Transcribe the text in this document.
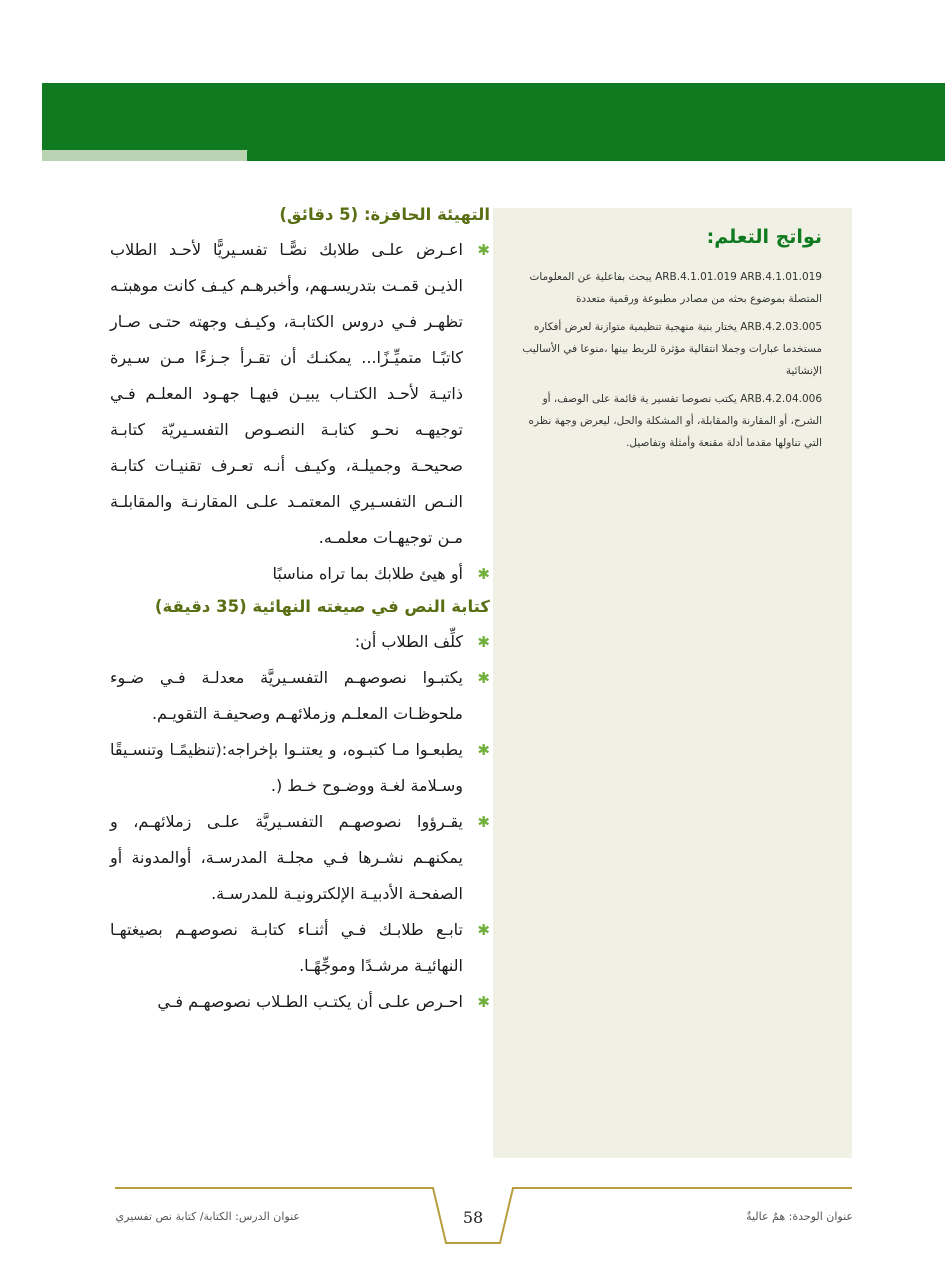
نواتج التعلم:

ARB.4.1.01.019 ARB.4.1.01.019 يبحث بفاعلية عن المعلومات المتصلة بموضوع بحثه من مصادر مطبوعة ورقمية متعددة

ARB.4.2.03.005 يختار بنية منهجية تنظيمية متوازنة لعرض أفكاره مستخدما عبارات وجملا انتقالية مؤثرة للربط بينها ،منوعا في الأساليب الإنشائية

ARB.4.2.04.006 يكتب نصوصا تفسير ية قائمة على الوصف، أو الشرح، أو المقارنة والمقابلة، أو المشكلة والحل، ليعرض وجهة نظره التي تناولها مقدما أدلة مقنعة وأمثلة وتفاصيل.

التهيئة الحافزة: (5 دقائق)
✱
اعـرض علـى طلابك نصًّـا تفسـيريًّا لأحـد الطلاب الذيـن قمـت بتدريسـهم، وأخبرهـم كيـف كانت موهبتـه تظهـر فـي دروس الكتابـة، وكيـف وجهته حتـى صـار كاتبًـا متميِّـزًا... يمكنـك أن تقـرأ جـزءًا مـن سـيرة ذاتيـة لأحـد الكتـاب يبيـن فيهـا جهـود المعلـم فـي توجيهـه نحـو كتابـة النصـوص التفسـيريّة كتابـة صحيحـة وجميلـة، وكيـف أنـه تعـرف تقنيـات كتابـة النـص التفسـيري المعتمـد علـى المقارنـة والمقابلـة مـن توجيهـات معلمـه.
✱
أو هيئ طلابك بما تراه مناسبًا
كتابة النص في صيغته النهائية (35 دقيقة)
✱
كلِّف الطلاب أن:
✱
يكتبـوا نصوصهـم التفسـيريَّة معدلـة فـي ضـوء ملحوظـات المعلـم وزملائهـم وصحيفـة التقويـم.
✱
يطبعـوا مـا كتبـوه، و يعتنـوا بإخراجه:(تنظيمًـا وتنسـيقًا وسـلامة لغـة ووضـوح خـط (.
✱
يقـرؤوا نصوصهـم التفسـيريَّة علـى زملائهـم، و يمكنهـم نشـرها فـي مجلـة المدرسـة، أوالمدونة أو الصفحـة الأدبيـة الإلكترونيـة للمدرسـة.
✱
تابـع طلابـك فـي أثنـاء كتابـة نصوصهـم بصيغتهـا النهائيـة مرشـدًا وموجِّهًـا.
✱
احـرص علـى أن يكتـب الطـلاب نصوصهـم فـي
58	عنوان الوحدة: همٌ عاليةٌ
عنوان الدرس: الكتابة/ كتابة نص تفسيري
